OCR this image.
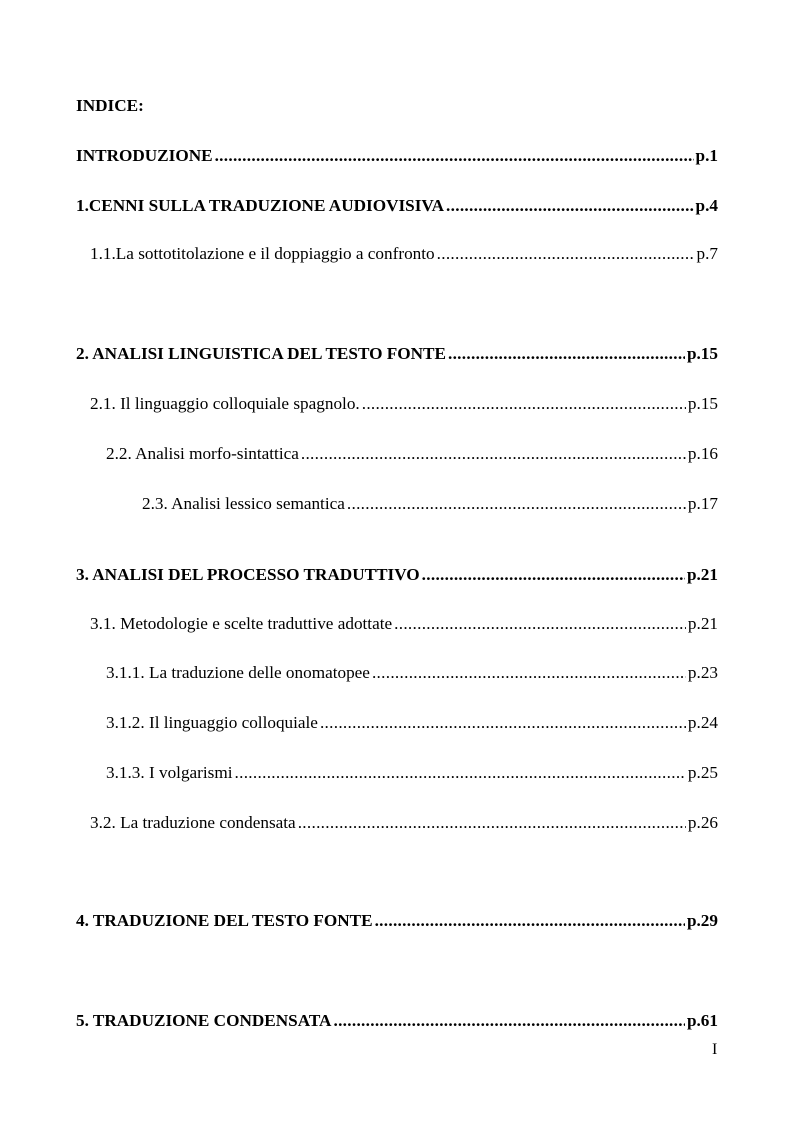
INDICE:
INTRODUZIONE .....	p.1
1.CENNI SULLA TRADUZIONE AUDIOVISIVA .....	p.4
1.1.La sottotitolazione e il doppiaggio a confronto .....	p.7
2. ANALISI LINGUISTICA DEL TESTO FONTE .....	p.15
2.1. Il linguaggio colloquiale spagnolo. .....	p.15
2.2. Analisi morfo-sintattica .....	p.16
2.3. Analisi lessico semantica .....	p.17
3. ANALISI DEL PROCESSO TRADUTTIVO .....	p.21
3.1. Metodologie e scelte traduttive adottate .....	p.21
3.1.1. La traduzione delle onomatopee .....	p.23
3.1.2. Il linguaggio colloquiale .....	p.24
3.1.3. I volgarismi .....	p.25
3.2. La traduzione condensata .....	p.26
4. TRADUZIONE DEL TESTO FONTE .....	p.29
5. TRADUZIONE CONDENSATA .....	p.61
I
